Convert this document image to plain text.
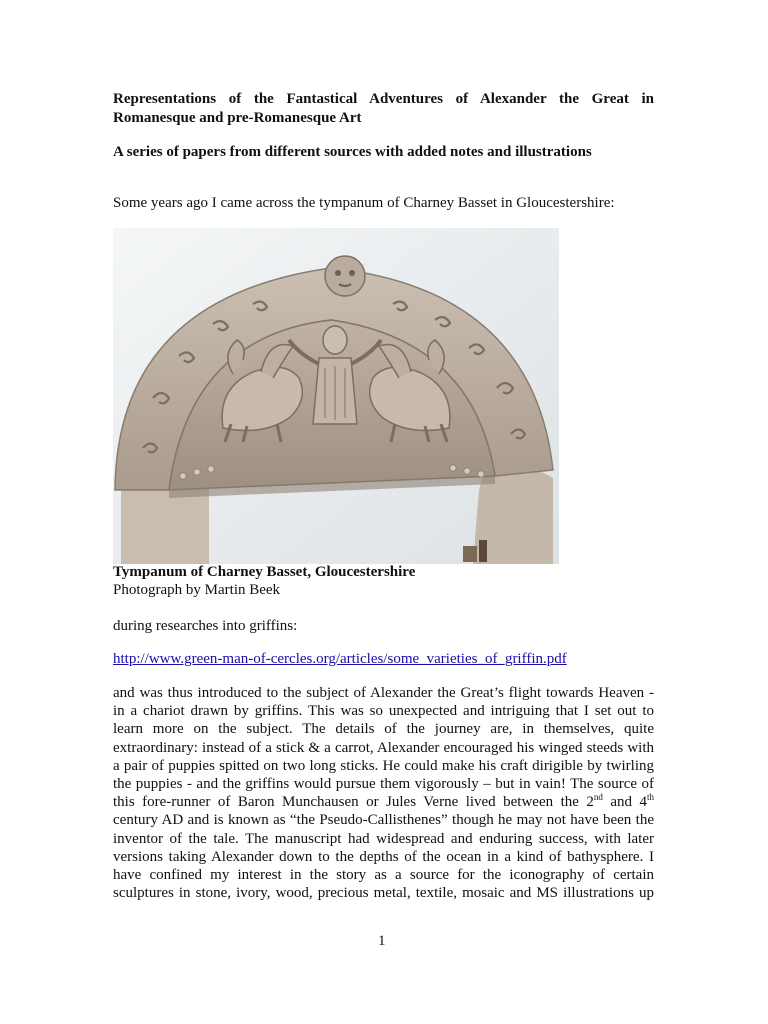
Representations of the Fantastical Adventures of Alexander the Great in
Romanesque and pre-Romanesque Art
A series of papers from different sources with added notes and illustrations
Some years ago I came across the tympanum of Charney Basset in Gloucestershire:
Tympanum of Charney Basset, Gloucestershire
Photograph by Martin Beek
during researches into griffins:
http://www.green-man-of-cercles.org/articles/some_varieties_of_griffin.pdf
and was thus introduced to the subject of Alexander the Great’s flight towards Heaven -
in a chariot drawn by griffins. This was so unexpected and intriguing that I set out to
learn more on the subject. The details of the journey are, in themselves, quite
extraordinary: instead of a stick & a carrot, Alexander encouraged his winged steeds with
a pair of puppies spitted on two long sticks. He could make his craft dirigible by twirling
the puppies - and the griffins would pursue them vigorously – but in vain! The source of
this fore-runner of Baron Munchausen or Jules Verne lived between the 2nd and 4th
century AD and is known as “the Pseudo-Callisthenes” though he may not have been the
inventor of the tale. The manuscript had widespread and enduring success, with later
versions taking Alexander down to the depths of the ocean in a kind of bathysphere. I
have confined my interest in the story as a source for the iconography of certain
sculptures in stone, ivory, wood, precious metal, textile, mosaic and MS illustrations up
1
